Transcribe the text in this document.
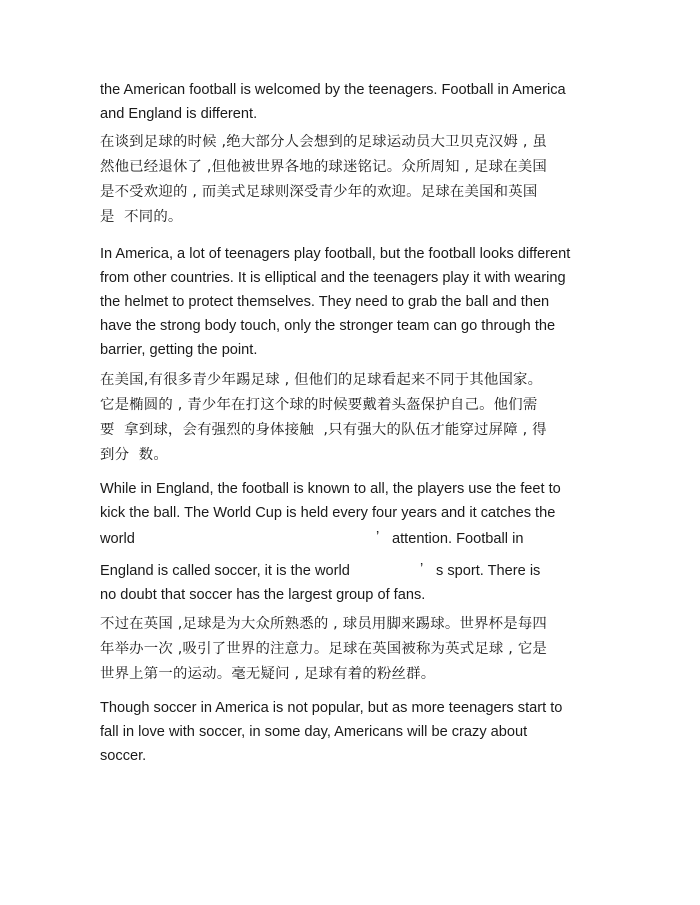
the American football is welcomed by the teenagers. Football in America

and England is different.

在谈到足球的时候 ,绝大部分人会想到的足球运动员大卫贝克汉姆 , 虽

然他已经退休了 ,但他被世界各地的球迷铭记。众所周知 , 足球在美国

是不受欢迎的 , 而美式足球则深受青少年的欢迎。足球在美国和英国

是  不同的。

In America, a lot of teenagers play football, but the football looks different

from other countries. It is elliptical and the teenagers play it with wearing

the helmet to protect themselves. They need to grab the ball and then

have the strong body touch, only the stronger team can go through the

barrier, getting the point.

在美国,有很多青少年踢足球 , 但他们的足球看起来不同于其他国家。

它是椭圆的 , 青少年在打这个球的时候要戴着头盔保护自己。他们需

要  拿到球，会有强烈的身体接触  ,只有强大的队伍才能穿过屏障 , 得

到分  数。

While in England, the football is known to all, the players use the feet to

kick the ball. The World Cup is held every four years and it catches the

world	’ attention. Football in
England is called soccer, it is the world	’ s sport. There is

no doubt that soccer has the largest group of fans.

不过在英国 ,足球是为大众所熟悉的 , 球员用脚来踢球。世界杯是每四

年举办一次 ,吸引了世界的注意力。足球在英国被称为英式足球 , 它是

世界上第一的运动。毫无疑问 , 足球有着的粉丝群。

Though soccer in America is not popular, but as more teenagers start to

fall in love with soccer, in some day, Americans will be crazy about

soccer.
